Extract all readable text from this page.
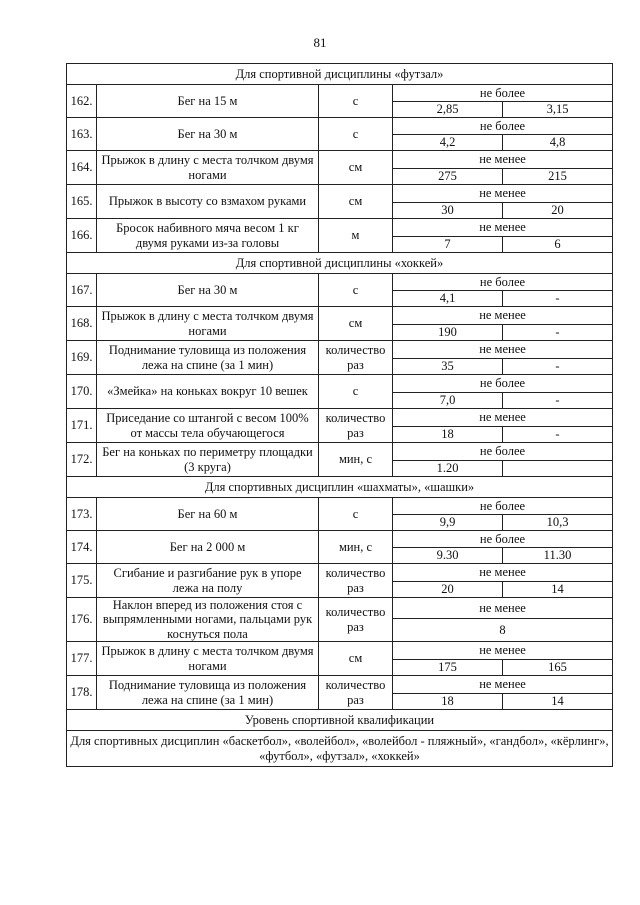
81
Для спортивной дисциплины «футзал»				
162.	Бег на 15 м	с	не более	
			2,85	3,15
163.	Бег на 30 м	с	не более	
			4,2	4,8
164.	Прыжок в длину с места толчком двумя ногами	см	не менее	
			275	215
165.	Прыжок в высоту со взмахом руками	см	не менее	
			30	20
166.	Бросок набивного мяча весом 1 кг двумя руками из-за головы	м	не менее	
			7	6
Для спортивной дисциплины «хоккей»				
167.	Бег на 30 м	с	не более	
			4,1	-
168.	Прыжок в длину с места толчком двумя ногами	см	не менее	
			190	-
169.	Поднимание туловища из положения лежа на спине (за 1 мин)	количество раз	не менее	
			35	-
170.	«Змейка» на коньках вокруг 10 вешек	с	не более	
			7,0	-
171.	Приседание со штангой с весом 100% от массы тела обучающегося	количество раз	не менее	
			18	-
172.	Бег на коньках по периметру площадки (3 круга)	мин, с	не более	
			1.20	
Для спортивных дисциплин «шахматы», «шашки»				
173.	Бег на 60 м	с	не более	
			9,9	10,3
174.	Бег на 2 000 м	мин, с	не более	
			9.30	11.30
175.	Сгибание и разгибание рук в упоре лежа на полу	количество раз	не менее	
			20	14
176.	Наклон вперед из положения стоя с выпрямленными ногами, пальцами рук коснуться пола	количество раз	не менее	
			8	
177.	Прыжок в длину с места толчком двумя ногами	см	не менее	
			175	165
178.	Поднимание туловища из положения лежа на спине (за 1 мин)	количество раз	не менее	
			18	14
Уровень спортивной квалификации				
Для спортивных дисциплин «баскетбол», «волейбол», «волейбол - пляжный», «гандбол», «кёрлинг», «футбол», «футзал», «хоккей»				
